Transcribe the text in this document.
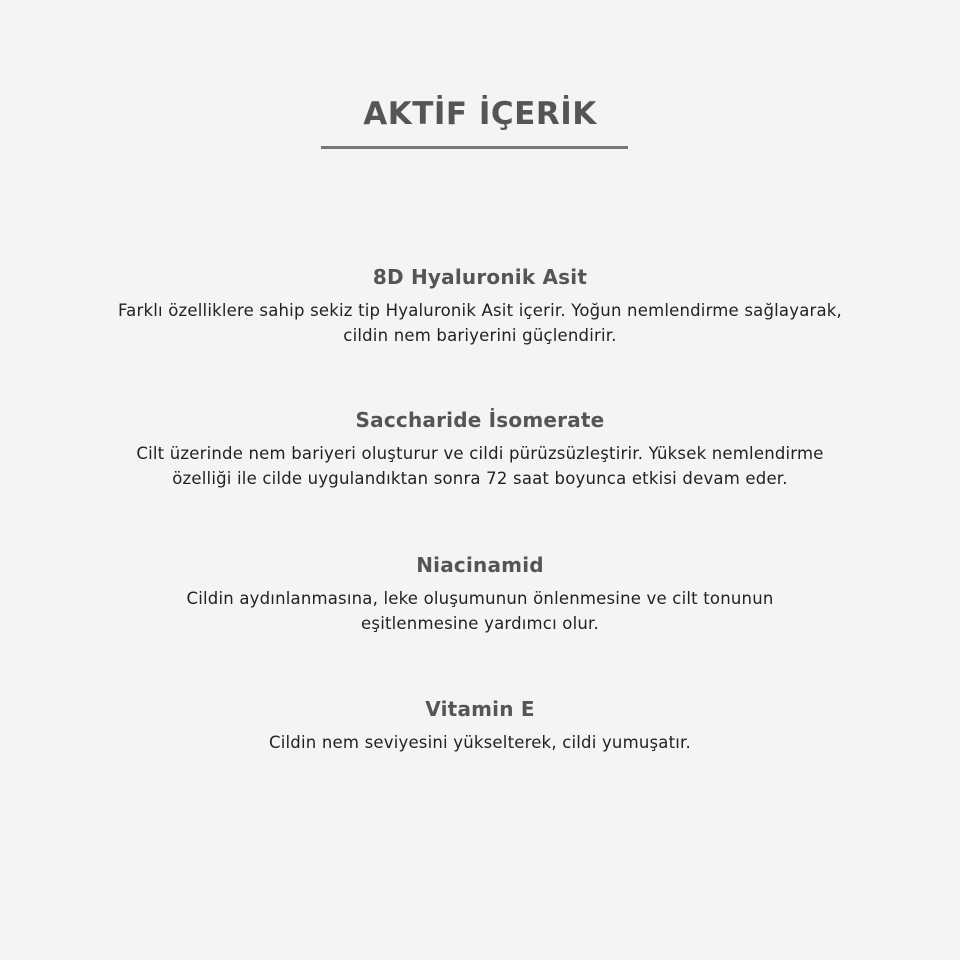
AKTİF İÇERİK
8D Hyaluronik Asit

Farklı özelliklere sahip sekiz tip Hyaluronik Asit içerir. Yoğun nemlendirme sağlayarak,
cildin nem bariyerini güçlendirir.

Saccharide İsomerate

Cilt üzerinde nem bariyeri oluşturur ve cildi pürüzsüzleştirir. Yüksek nemlendirme
özelliği ile cilde uygulandıktan sonra 72 saat boyunca etkisi devam eder.

Niacinamid

Cildin aydınlanmasına, leke oluşumunun önlenmesine ve cilt tonunun
eşitlenmesine yardımcı olur.

Vitamin E

Cildin nem seviyesini yükselterek, cildi yumuşatır.
